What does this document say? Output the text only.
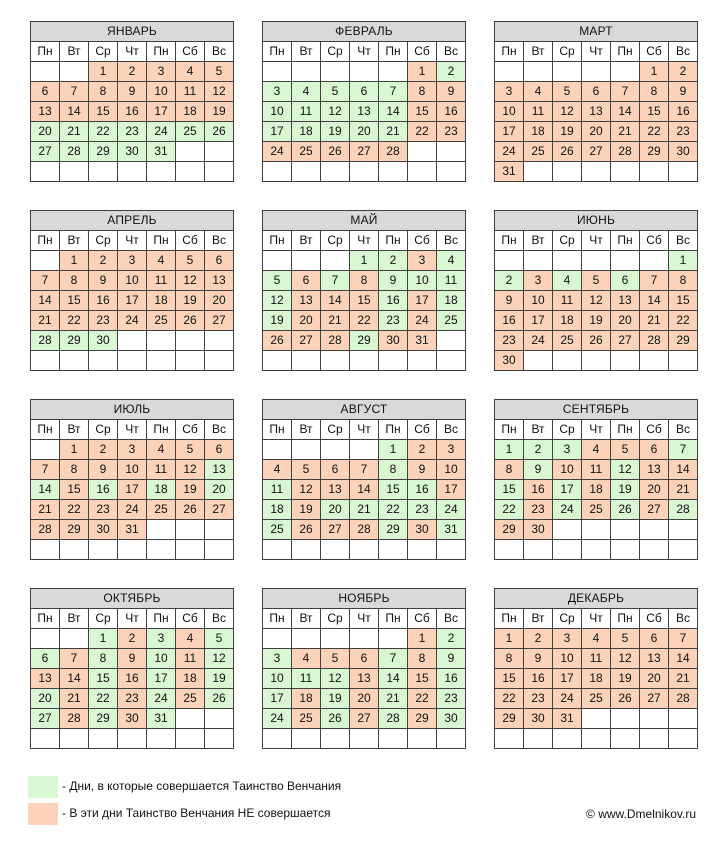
ЯНВАРЬ						
Пн	Вт	Ср	Чт	Пн	Сб	Вс
		1	2	3	4	5
6	7	8	9	10	11	12
13	14	15	16	17	18	19
20	21	22	23	24	25	26
27	28	29	30	31		

ФЕВРАЛЬ						
Пн	Вт	Ср	Чт	Пн	Сб	Вс
					1	2
3	4	5	6	7	8	9
10	11	12	13	14	15	16
17	18	19	20	21	22	23
24	25	26	27	28		

МАРТ						
Пн	Вт	Ср	Чт	Пн	Сб	Вс
					1	2
3	4	5	6	7	8	9
10	11	12	13	14	15	16
17	18	19	20	21	22	23
24	25	26	27	28	29	30
31						
АПРЕЛЬ						
Пн	Вт	Ср	Чт	Пн	Сб	Вс
	1	2	3	4	5	6
7	8	9	10	11	12	13
14	15	16	17	18	19	20
21	22	23	24	25	26	27
28	29	30				

МАЙ						
Пн	Вт	Ср	Чт	Пн	Сб	Вс
			1	2	3	4
5	6	7	8	9	10	11
12	13	14	15	16	17	18
19	20	21	22	23	24	25
26	27	28	29	30	31	

ИЮНЬ						
Пн	Вт	Ср	Чт	Пн	Сб	Вс
						1
2	3	4	5	6	7	8
9	10	11	12	13	14	15
16	17	18	19	20	21	22
23	24	25	26	27	28	29
30						
ИЮЛЬ						
Пн	Вт	Ср	Чт	Пн	Сб	Вс
	1	2	3	4	5	6
7	8	9	10	11	12	13
14	15	16	17	18	19	20
21	22	23	24	25	26	27
28	29	30	31			

АВГУСТ						
Пн	Вт	Ср	Чт	Пн	Сб	Вс
				1	2	3
4	5	6	7	8	9	10
11	12	13	14	15	16	17
18	19	20	21	22	23	24
25	26	27	28	29	30	31

СЕНТЯБРЬ						
Пн	Вт	Ср	Чт	Пн	Сб	Вс
1	2	3	4	5	6	7
8	9	10	11	12	13	14
15	16	17	18	19	20	21
22	23	24	25	26	27	28
29	30					

ОКТЯБРЬ						
Пн	Вт	Ср	Чт	Пн	Сб	Вс
		1	2	3	4	5
6	7	8	9	10	11	12
13	14	15	16	17	18	19
20	21	22	23	24	25	26
27	28	29	30	31		

НОЯБРЬ						
Пн	Вт	Ср	Чт	Пн	Сб	Вс
					1	2
3	4	5	6	7	8	9
10	11	12	13	14	15	16
17	18	19	20	21	22	23
24	25	26	27	28	29	30

ДЕКАБРЬ						
Пн	Вт	Ср	Чт	Пн	Сб	Вс
1	2	3	4	5	6	7
8	9	10	11	12	13	14
15	16	17	18	19	20	21
22	23	24	25	26	27	28
29	30	31				

- Дни, в которые совершается Таинство Венчания
- В эти дни Таинство Венчания НЕ совершается	© www.Dmelnikov.ru
